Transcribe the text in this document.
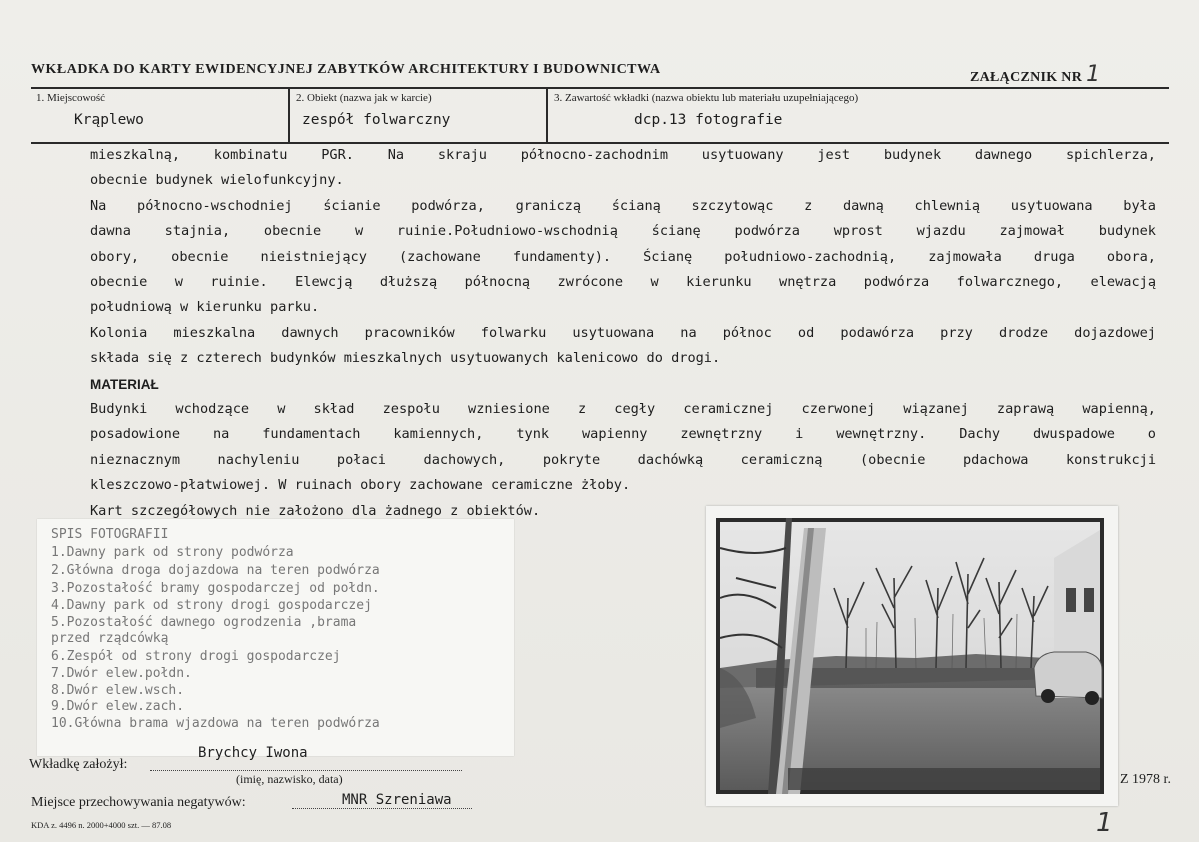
WKŁADKA DO KARTY EWIDENCYJNEJ ZABYTKÓW ARCHITEKTURY I BUDOWNICTWA
ZAŁĄCZNIK NR 1
1. Miejscowość
Krąplewo
2. Obiekt (nazwa jak w karcie)
zespół folwarczny
3. Zawartość wkładki (nazwa obiektu lub materiału uzupełniającego)
dcp.13 fotografie

mieszkalną, kombinatu PGR. Na skraju północno-zachodnim usytuowany jest budynek dawnego spichlerza,

obecnie budynek wielofunkcyjny.

Na północno-wschodniej ścianie podwórza, graniczą ścianą szczytowąc z dawną chlewnią usytuowana była

dawna stajnia, obecnie w ruinie.Południowo-wschodnią ścianę podwórza wprost wjazdu zajmował budynek

obory, obecnie nieistniejący (zachowane fundamenty). Ścianę południowo-zachodnią, zajmowała druga obora,

obecnie w ruinie. Elewcją dłuższą północną zwrócone w kierunku wnętrza podwórza folwarcznego, elewacją

południową w kierunku parku.

Kolonia mieszkalna dawnych pracowników folwarku usytuowana na północ od podawórza przy drodze dojazdowej

składa się z czterech budynków mieszkalnych usytuowanych kalenicowo do drogi.

MATERIAŁ

Budynki wchodzące w skład zespołu wzniesione z cegły ceramicznej czerwonej wiązanej zaprawą wapienną,

posadowione na fundamentach kamiennych, tynk wapienny zewnętrzny i wewnętrzny. Dachy dwuspadowe o

nieznacznym nachyleniu połaci dachowych, pokryte dachówką ceramiczną (obecnie pdachowa konstrukcji

kleszczowo-płatwiowej. W ruinach obory zachowane ceramiczne żłoby.

Kart szczegółowych nie założono dla żadnego z obiektów.

SPIS FOTOGRAFII
1.Dawny park od strony podwórza
2.Główna droga dojazdowa na teren podwórza
3.Pozostałość bramy gospodarczej od połdn.
4.Dawny park od strony drogi gospodarczej
5.Pozostałość dawnego ogrodzenia ,brama
przed rządcówką
6.Zespół od strony drogi gospodarczej
7.Dwór elew.połdn.
8.Dwór elew.wsch.
9.Dwór elew.zach.
10.Główna brama wjazdowa na teren podwórza
Wkładkę założył:
Brychcy Iwona
(imię, nazwisko, data)	Z 1978 r.
Miejsce przechowywania negatywów:	MNR Szreniawa
KDA z. 4496 n. 2000+4000 szt. — 87.08	1
